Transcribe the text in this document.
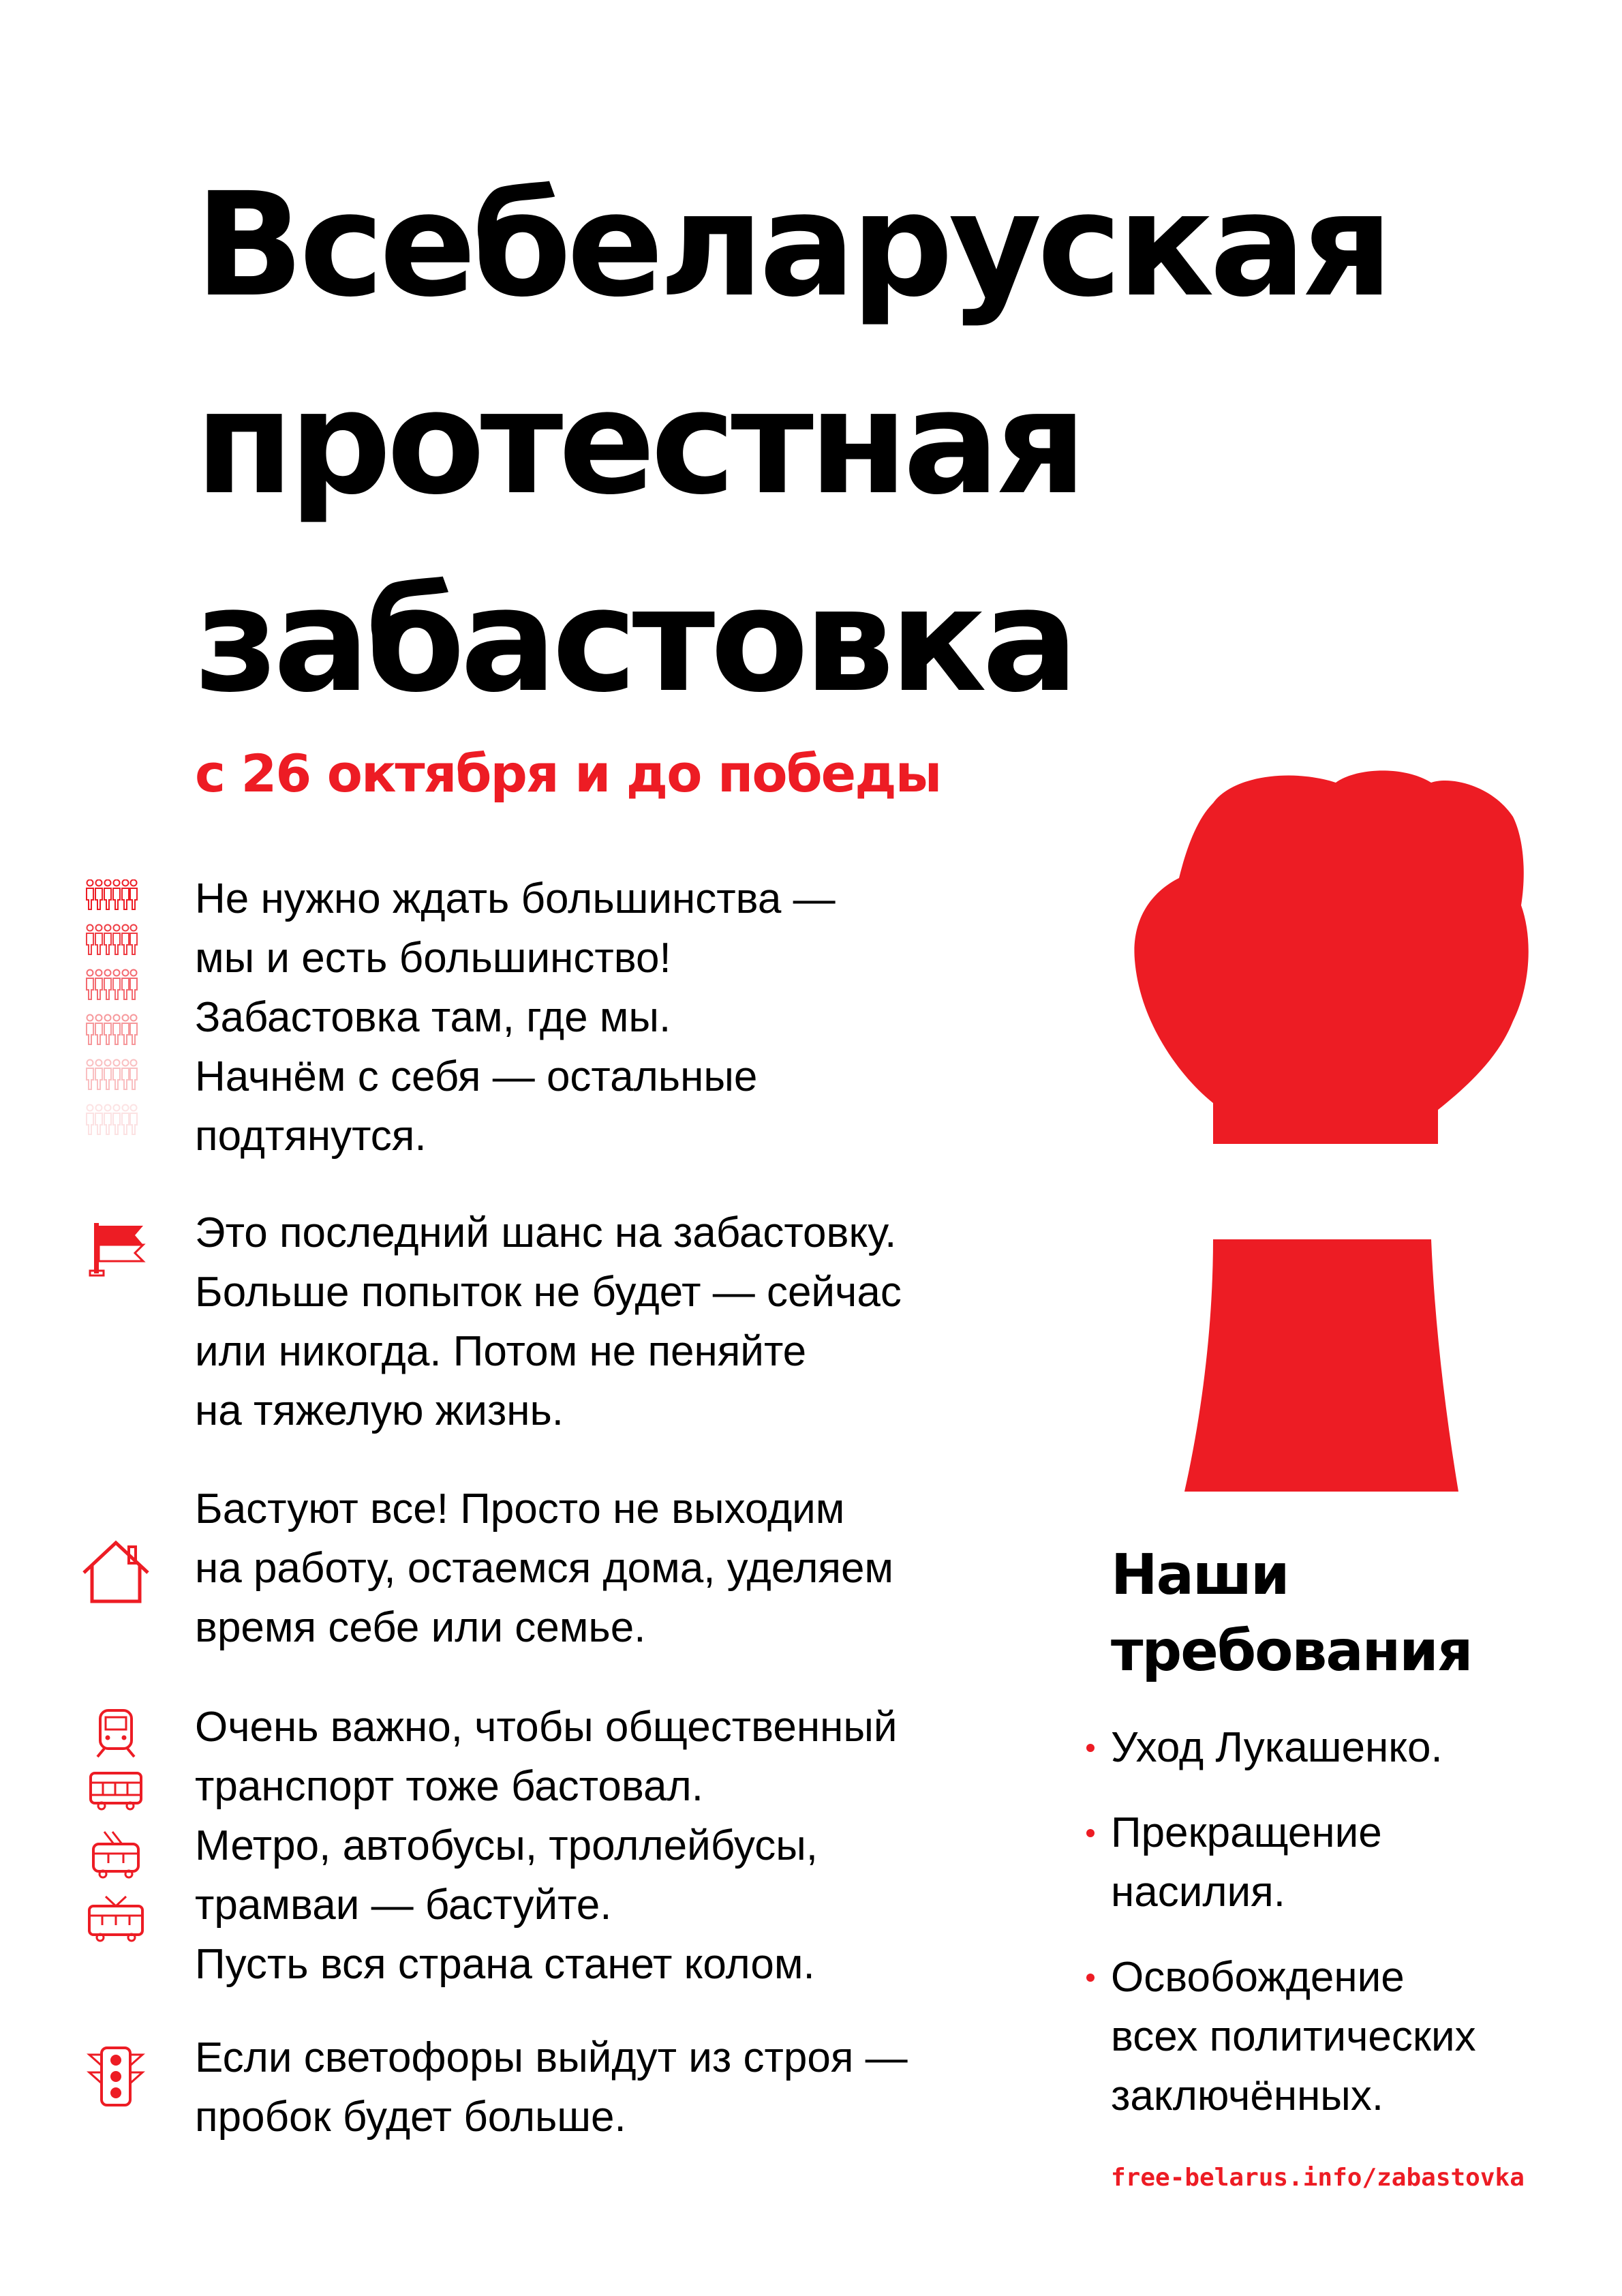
Всебеларуская
протестная
забастовка

с 26 октября и до победы

Не нужно ждать большинства —
мы и есть большинство!
Забастовка там, где мы.
Начнём с себя — остальные
подтянутся.

Это последний шанс на забастовку.
Больше попыток не будет — сейчас
или никогда. Потом не пеняйте
на тяжелую жизнь.

Бастуют все! Просто не выходим
на работу, остаемся дома, уделяем
время себе или семье.

Очень важно, чтобы общественный
транспорт тоже бастовал.
Метро, автобусы, троллейбусы,
трамваи — бастуйте.
Пусть вся страна станет колом.

Если светофоры выйдут из строя —
пробок будет больше.

Наши
требования
Уход Лукашенко.
Прекращение
насилия.
Освобождение
всех политических
заключённых.
free-belarus.info/zabastovka
